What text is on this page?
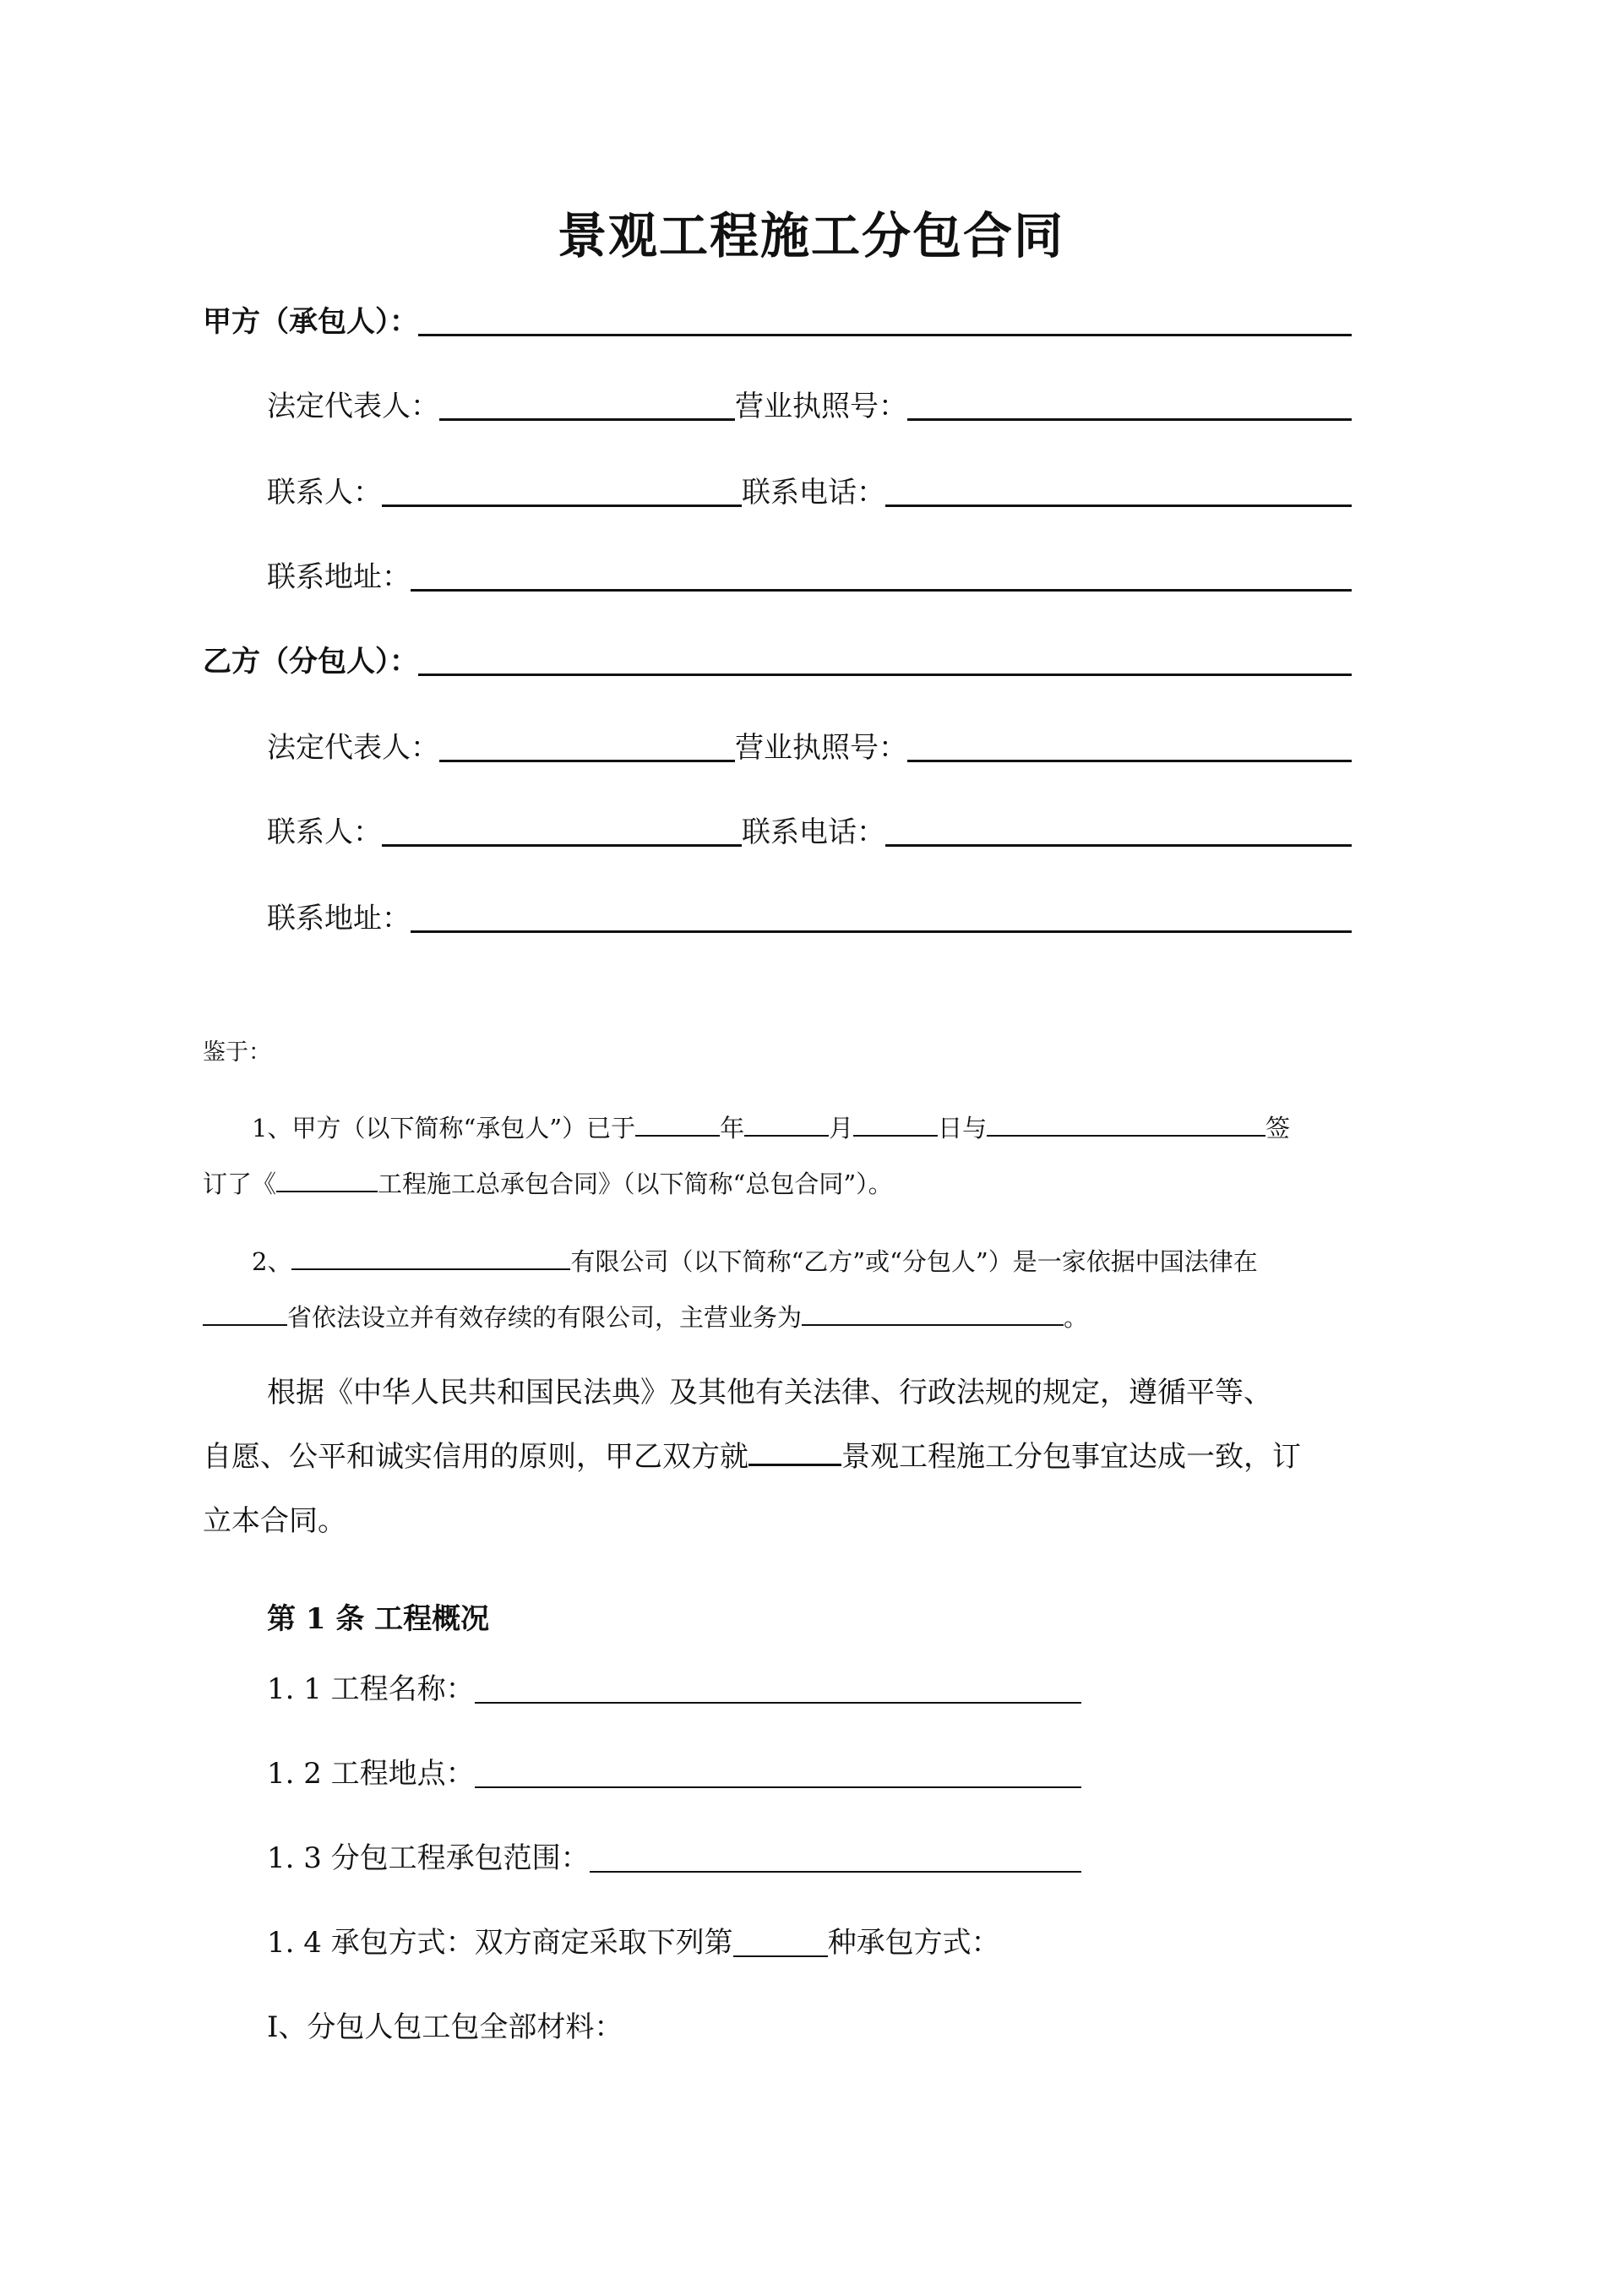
景观工程施工分包合同
甲方（承包人）：
法定代表人：	营业执照号：
联系人：	联系电话：
联系地址：
乙方（分包人）：
法定代表人：	营业执照号：
联系人：	联系电话：
联系地址：
鉴于：
1、甲方（以下简称“承包人”）已于	年	月	日与	签
订了《	工程施工总承包合同》（以下简称“总包合同”）。
2、	有限公司（以下简称“乙方”或“分包人”）是一家依据中国法律在
省依法设立并有效存续的有限公司，主营业务为	。
根据《中华人民共和国民法典》及其他有关法律、行政法规的规定，遵循平等、
自愿、公平和诚实信用的原则，甲乙双方就	景观工程施工分包事宜达成一致，订
立本合同。
第 1 条 工程概况
1. 1 工程名称：
1. 2 工程地点：
1. 3 分包工程承包范围：
1. 4 承包方式：双方商定采取下列第	种承包方式：
Ⅰ、分包人包工包全部材料：
